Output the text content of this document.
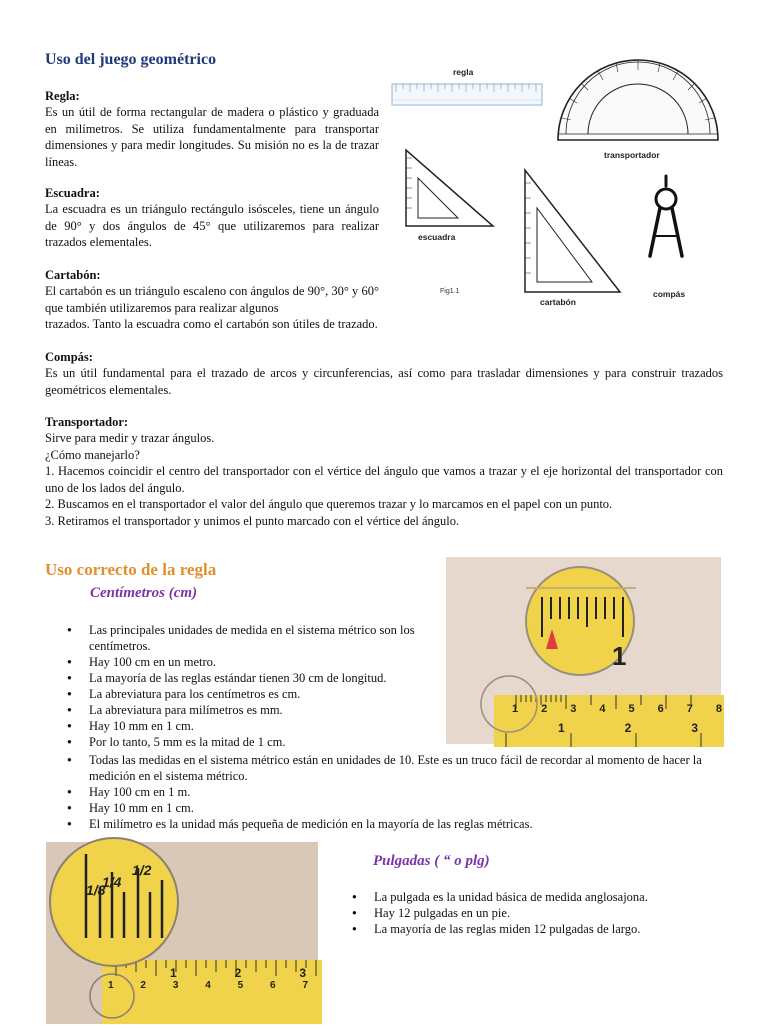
Uso del juego geométrico

Regla:

Es un útil de forma rectangular de madera o plástico y graduada en milímetros. Se utiliza fundamentalmente para transportar dimensiones y para medir longitudes. Su misión no es la de trazar líneas.

Escuadra:

La escuadra es un triángulo rectángulo isósceles, tiene un ángulo de 90° y dos ángulos de 45° que utilizaremos para realizar trazados elementales.

Cartabón:

El cartabón es un triángulo escaleno con ángulos de 90°, 30° y 60° que también utilizaremos para realizar algunos

trazados. Tanto la escuadra como el cartabón son útiles de trazado.

Compás:

Es un útil fundamental para el trazado de arcos y circunferencias, así como para trasladar dimensiones y para construir trazados geométricos elementales.

Transportador:

Sirve para medir y trazar ángulos.

¿Cómo manejarlo?

1. Hacemos coincidir el centro del transportador con el vértice del ángulo que vamos a trazar y el eje horizontal del transportador con uno de los lados del ángulo.

2. Buscamos en el transportador el valor del ángulo que queremos trazar y lo marcamos en el papel con un punto.

3. Retiramos el transportador y unimos el punto marcado con el vértice del ángulo.

regla
transportador
escuadra
Fig1.1
cartabón
compás
Uso correcto de la regla
Centímetros (cm)
● Las principales unidades de medida en el sistema métrico son los centímetros.
● Hay 100 cm en un metro.
● La mayoría de las reglas estándar tienen 30 cm de longitud.
● La abreviatura para los centímetros es cm.
● La abreviatura para milímetros es mm.
● Hay 10 mm en 1 cm.
● Por lo tanto, 5 mm es la mitad de 1 cm.
● Todas las medidas en el sistema métrico están en unidades de 10. Este es un truco fácil de recordar al momento de hacer la medición en el sistema métrico.
● Hay 100 cm en 1 m.
● Hay 10 mm en 1 cm.
● El milímetro es la unidad más pequeña de medición en la mayoría de las reglas métricas.
1
1 2 3 4 5 6 7 8
1	2	3
1/8
1/4
1/2
1	2	3	4	5	6	7
1	2	3
Pulgadas ( “ o plg)
● La pulgada es la unidad básica de medida anglosajona.
● Hay 12 pulgadas en un pie.
● La mayoría de las reglas miden 12 pulgadas de largo.
